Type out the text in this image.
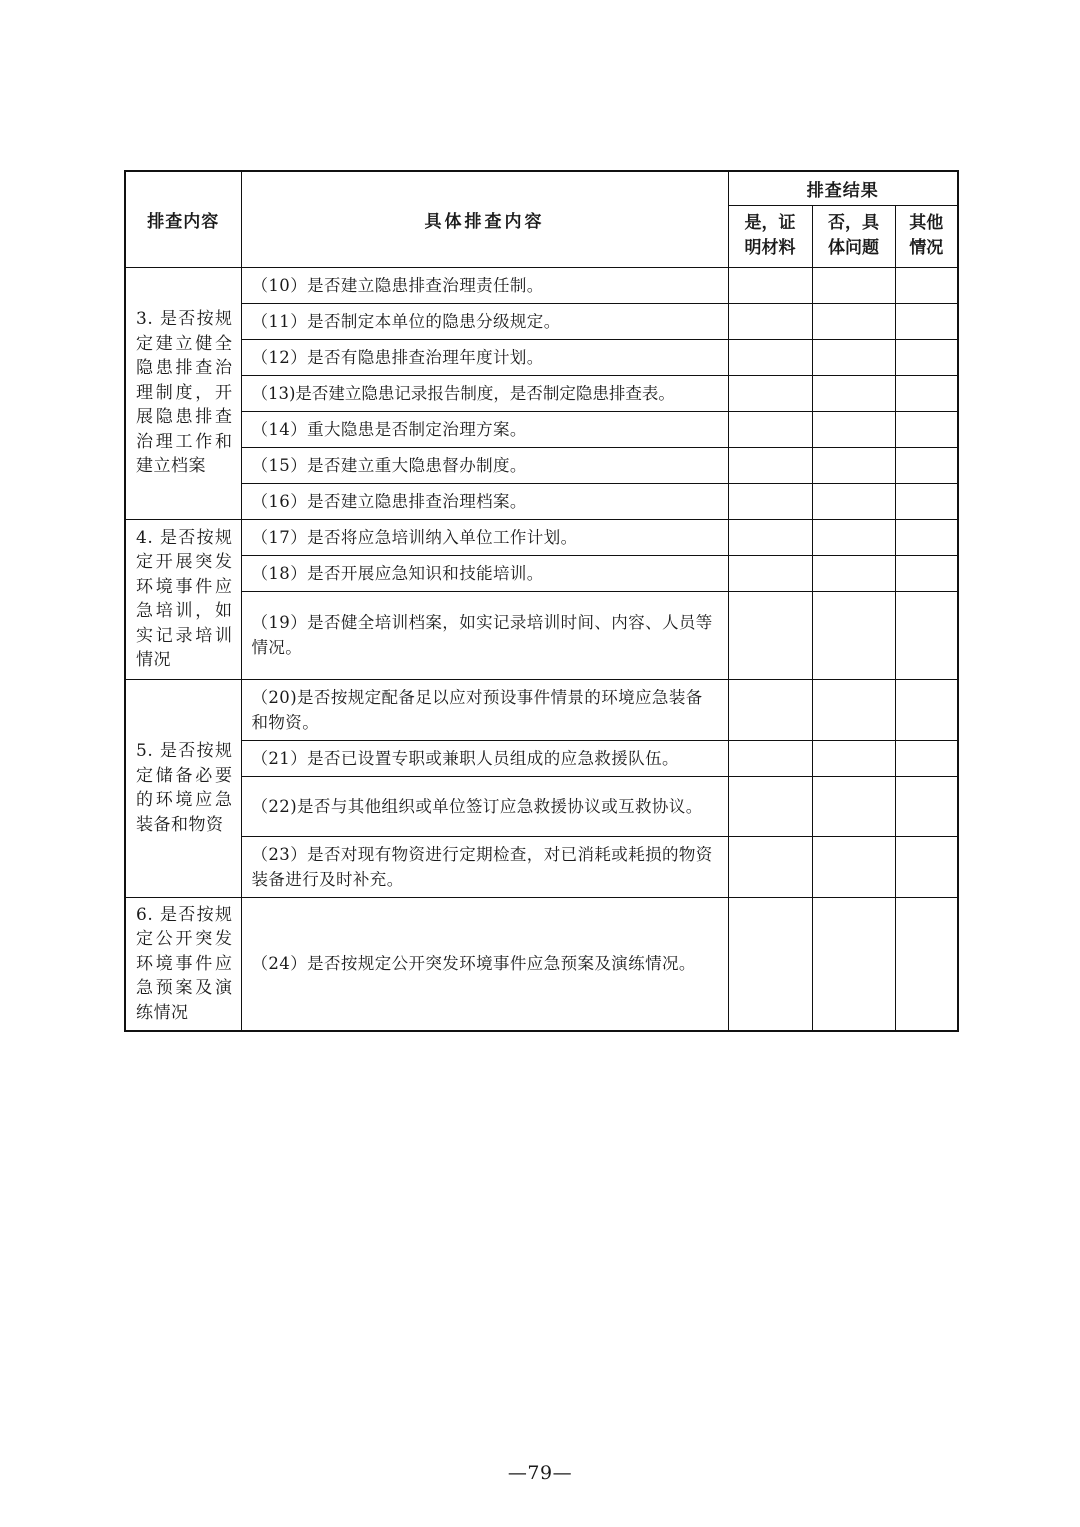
排查内容	具体排查内容	排查结果		
		是，证明材料	否，具体问题	其他情况
3. 是否按规定建立健全隐患排查治理制度，开展隐患排查治理工作和建立档案	（10）是否建立隐患排查治理责任制。			
	（11）是否制定本单位的隐患分级规定。			
	（12）是否有隐患排查治理年度计划。			
	（13)是否建立隐患记录报告制度，是否制定隐患排查表。			
	（14）重大隐患是否制定治理方案。			
	（15）是否建立重大隐患督办制度。			
	（16）是否建立隐患排查治理档案。			
4. 是否按规定开展突发环境事件应急培训，如实记录培训情况	（17）是否将应急培训纳入单位工作计划。			
	（18）是否开展应急知识和技能培训。			
	（19）是否健全培训档案，如实记录培训时间、内容、人员等情况。			
5. 是否按规定储备必要的环境应急装备和物资	（20)是否按规定配备足以应对预设事件情景的环境应急装备和物资。			
	（21）是否已设置专职或兼职人员组成的应急救援队伍。			
	（22)是否与其他组织或单位签订应急救援协议或互救协议。			
	（23）是否对现有物资进行定期检查，对已消耗或耗损的物资装备进行及时补充。			
6. 是否按规定公开突发环境事件应急预案及演练情况	（24）是否按规定公开突发环境事件应急预案及演练情况。			
—79—
